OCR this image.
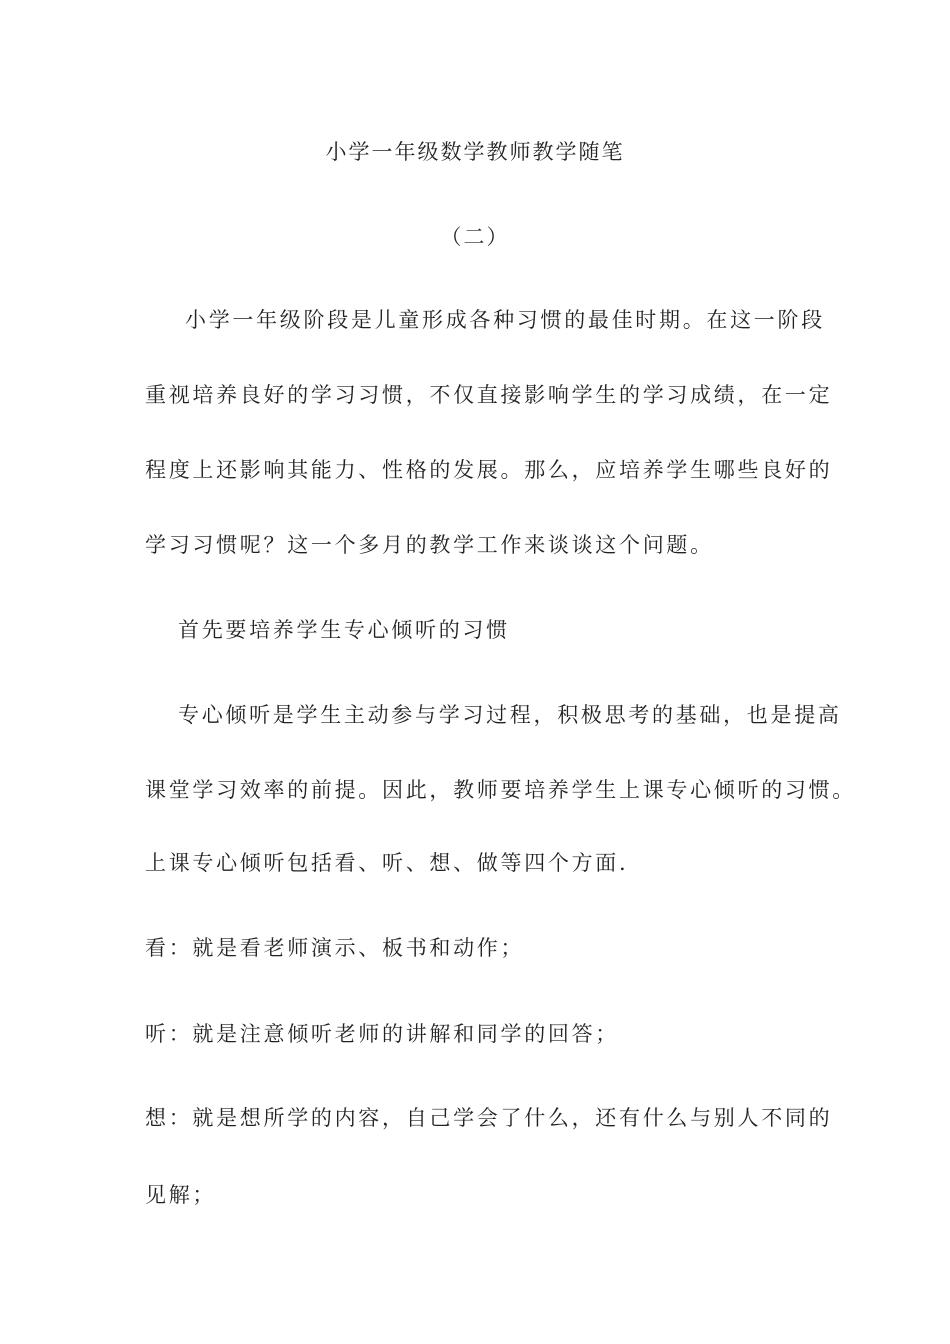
小学一年级数学教师教学随笔
（二）
小学一年级阶段是儿童形成各种习惯的最佳时期。在这一阶段
重视培养良好的学习习惯，不仅直接影响学生的学习成绩，在一定
程度上还影响其能力、性格的发展。那么，应培养学生哪些良好的
学习习惯呢？这一个多月的教学工作来谈谈这个问题。
首先要培养学生专心倾听的习惯
专心倾听是学生主动参与学习过程，积极思考的基础，也是提高
课堂学习效率的前提。因此，教师要培养学生上课专心倾听的习惯。
上课专心倾听包括看、听、想、做等四个方面.
看：就是看老师演示、板书和动作；
听：就是注意倾听老师的讲解和同学的回答；
想：就是想所学的内容，自己学会了什么，还有什么与别人不同的
见解；
